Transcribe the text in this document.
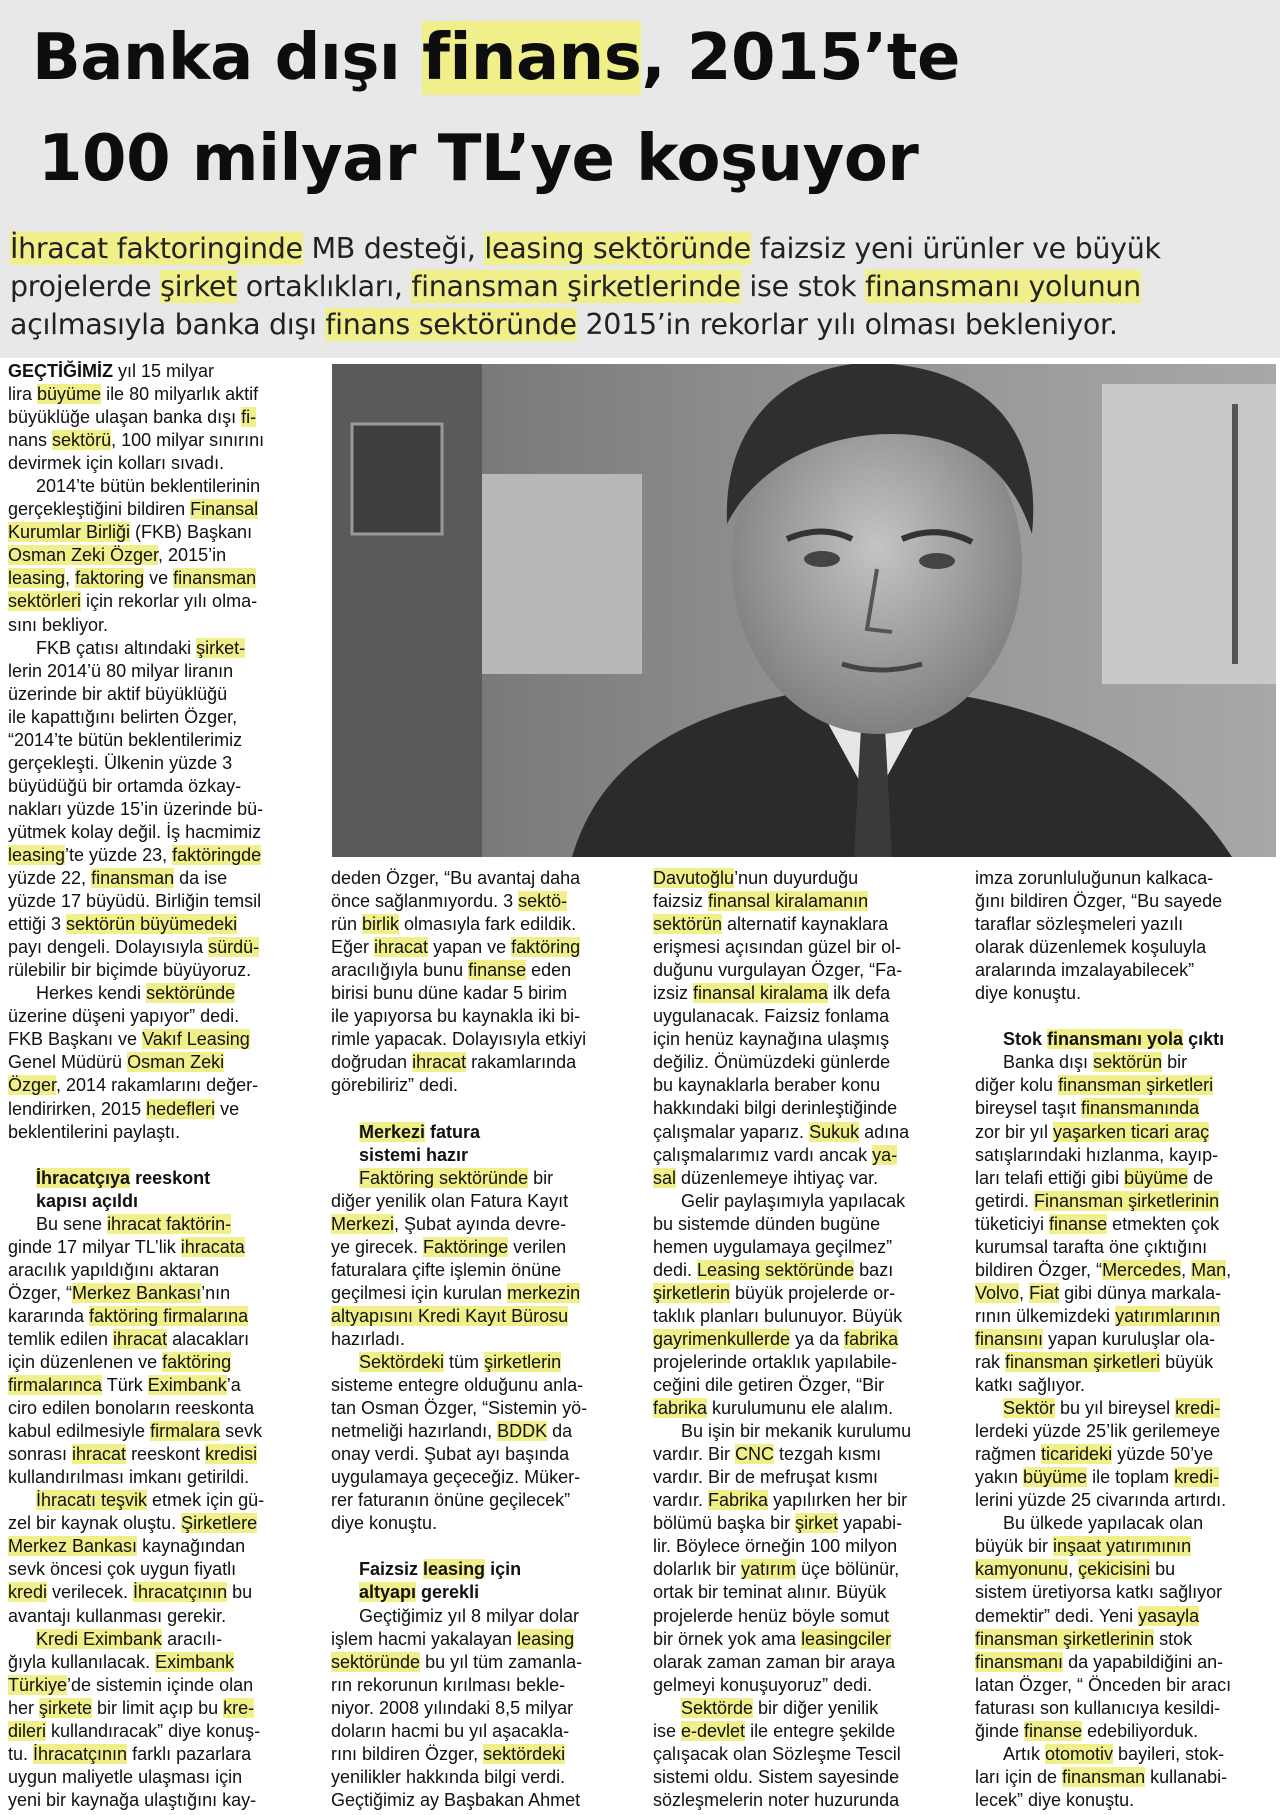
Banka dışı finans, 2015’te
100 milyar TL’ye koşuyor

İhracat faktoringinde MB desteği, leasing sektöründe faizsiz yeni ürünler ve büyük projelerde şirket ortaklıkları, finansman şirketlerinde ise stok finansmanı yolunun açılmasıyla banka dışı finans sektöründe 2015’in rekorlar yılı olması bekleniyor.

GEÇTİĞİMİZ yıl 15 milyar
lira büyüme ile 80 milyarlık aktif
büyüklüğe ulaşan banka dışı fi-
nans sektörü, 100 milyar sınırını
devirmek için kolları sıvadı.

2014’te bütün beklentilerinin
gerçekleştiğini bildiren Finansal
Kurumlar Birliği (FKB) Başkanı
Osman Zeki Özger, 2015’in
leasing, faktoring ve finansman
sektörleri için rekorlar yılı olma-
sını bekliyor.

FKB çatısı altındaki şirket-
lerin 2014’ü 80 milyar liranın
üzerinde bir aktif büyüklüğü
ile kapattığını belirten Özger,
“2014’te bütün beklentilerimiz
gerçekleşti. Ülkenin yüzde 3
büyüdüğü bir ortamda özkay-
nakları yüzde 15’in üzerinde bü-
yütmek kolay değil. İş hacmimiz
leasing’te yüzde 23, faktöringde
yüzde 22, finansman da ise
yüzde 17 büyüdü. Birliğin temsil
ettiği 3 sektörün büyümedeki
payı dengeli. Dolayısıyla sürdü-
rülebilir bir biçimde büyüyoruz.

Herkes kendi sektöründe
üzerine düşeni yapıyor” dedi.
FKB Başkanı ve Vakıf Leasing
Genel Müdürü Osman Zeki
Özger, 2014 rakamlarını değer-
lendirirken, 2015 hedefleri ve
beklentilerini paylaştı.

İhracatçıya reeskont
kapısı açıldı

Bu sene ihracat faktörin-
ginde 17 milyar TL’lik ihracata
aracılık yapıldığını aktaran
Özger, “Merkez Bankası’nın
kararında faktöring firmalarına
temlik edilen ihracat alacakları
için düzenlenen ve faktöring
firmalarınca Türk Eximbank’a
ciro edilen bonoların reeskonta
kabul edilmesiyle firmalara sevk
sonrası ihracat reeskont kredisi
kullandırılması imkanı getirildi.

İhracatı teşvik etmek için gü-
zel bir kaynak oluştu. Şirketlere
Merkez Bankası kaynağından
sevk öncesi çok uygun fiyatlı
kredi verilecek. İhracatçının bu
avantajı kullanması gerekir.

Kredi Eximbank aracılı-
ğıyla kullanılacak. Eximbank
Türkiye’de sistemin içinde olan
her şirkete bir limit açıp bu kre-
dileri kullandıracak” diye konuş-
tu. İhracatçının farklı pazarlara
uygun maliyetle ulaşması için
yeni bir kaynağa ulaştığını kay-

deden Özger, “Bu avantaj daha
önce sağlanmıyordu. 3 sektö-
rün birlik olmasıyla fark edildik.
Eğer ihracat yapan ve faktöring
aracılığıyla bunu finanse eden
birisi bunu düne kadar 5 birim
ile yapıyorsa bu kaynakla iki bi-
rimle yapacak. Dolayısıyla etkiyi
doğrudan ihracat rakamlarında
görebiliriz” dedi.

Merkezi fatura
sistemi hazır

Faktöring sektöründe bir
diğer yenilik olan Fatura Kayıt
Merkezi, Şubat ayında devre-
ye girecek. Faktöringe verilen
faturalara çifte işlemin önüne
geçilmesi için kurulan merkezin
altyapısını Kredi Kayıt Bürosu
hazırladı.

Sektördeki tüm şirketlerin
sisteme entegre olduğunu anla-
tan Osman Özger, “Sistemin yö-
netmeliği hazırlandı, BDDK da
onay verdi. Şubat ayı başında
uygulamaya geçeceğiz. Müker-
rer faturanın önüne geçilecek”
diye konuştu.

Faizsiz leasing için
altyapı gerekli

Geçtiğimiz yıl 8 milyar dolar
işlem hacmi yakalayan leasing
sektöründe bu yıl tüm zamanla-
rın rekorunun kırılması bekle-
niyor. 2008 yılındaki 8,5 milyar
doların hacmi bu yıl aşacakla-
rını bildiren Özger, sektördeki
yenilikler hakkında bilgi verdi.
Geçtiğimiz ay Başbakan Ahmet

Davutoğlu’nun duyurduğu
faizsiz finansal kiralamanın
sektörün alternatif kaynaklara
erişmesi açısından güzel bir ol-
duğunu vurgulayan Özger, “Fa-
izsiz finansal kiralama ilk defa
uygulanacak. Faizsiz fonlama
için henüz kaynağına ulaşmış
değiliz. Önümüzdeki günlerde
bu kaynaklarla beraber konu
hakkındaki bilgi derinleştiğinde
çalışmalar yaparız. Sukuk adına
çalışmalarımız vardı ancak ya-
sal düzenlemeye ihtiyaç var.

Gelir paylaşımıyla yapılacak
bu sistemde dünden bugüne
hemen uygulamaya geçilmez”
dedi. Leasing sektöründe bazı
şirketlerin büyük projelerde or-
taklık planları bulunuyor. Büyük
gayrimenkullerde ya da fabrika
projelerinde ortaklık yapılabile-
ceğini dile getiren Özger, “Bir
fabrika kurulumunu ele alalım.

Bu işin bir mekanik kurulumu
vardır. Bir CNC tezgah kısmı
vardır. Bir de mefruşat kısmı
vardır. Fabrika yapılırken her bir
bölümü başka bir şirket yapabi-
lir. Böylece örneğin 100 milyon
dolarlık bir yatırım üçe bölünür,
ortak bir teminat alınır. Büyük
projelerde henüz böyle somut
bir örnek yok ama leasingciler
olarak zaman zaman bir araya
gelmeyi konuşuyoruz” dedi.

Sektörde bir diğer yenilik
ise e-devlet ile entegre şekilde
çalışacak olan Sözleşme Tescil
sistemi oldu. Sistem sayesinde
sözleşmelerin noter huzurunda

imza zorunluluğunun kalkaca-
ğını bildiren Özger, “Bu sayede
taraflar sözleşmeleri yazılı
olarak düzenlemek koşuluyla
aralarında imzalayabilecek”
diye konuştu.

Stok finansmanı yola çıktı

Banka dışı sektörün bir
diğer kolu finansman şirketleri
bireysel taşıt finansmanında
zor bir yıl yaşarken ticari araç
satışlarındaki hızlanma, kayıp-
ları telafi ettiği gibi büyüme de
getirdi. Finansman şirketlerinin
tüketiciyi finanse etmekten çok
kurumsal tarafta öne çıktığını
bildiren Özger, “Mercedes, Man,
Volvo, Fiat gibi dünya markala-
rının ülkemizdeki yatırımlarının
finansını yapan kuruluşlar ola-
rak finansman şirketleri büyük
katkı sağlıyor.

Sektör bu yıl bireysel kredi-
lerdeki yüzde 25’lik gerilemeye
rağmen ticarideki yüzde 50’ye
yakın büyüme ile toplam kredi-
lerini yüzde 25 civarında artırdı.

Bu ülkede yapılacak olan
büyük bir inşaat yatırımının
kamyonunu, çekicisini bu
sistem üretiyorsa katkı sağlıyor
demektir” dedi. Yeni yasayla
finansman şirketlerinin stok
finansmanı da yapabildiğini an-
latan Özger, “ Önceden bir aracı
faturası son kullanıcıya kesildi-
ğinde finanse edebiliyorduk.

Artık otomotiv bayileri, stok-
ları için de finansman kullanabi-
lecek” diye konuştu.
